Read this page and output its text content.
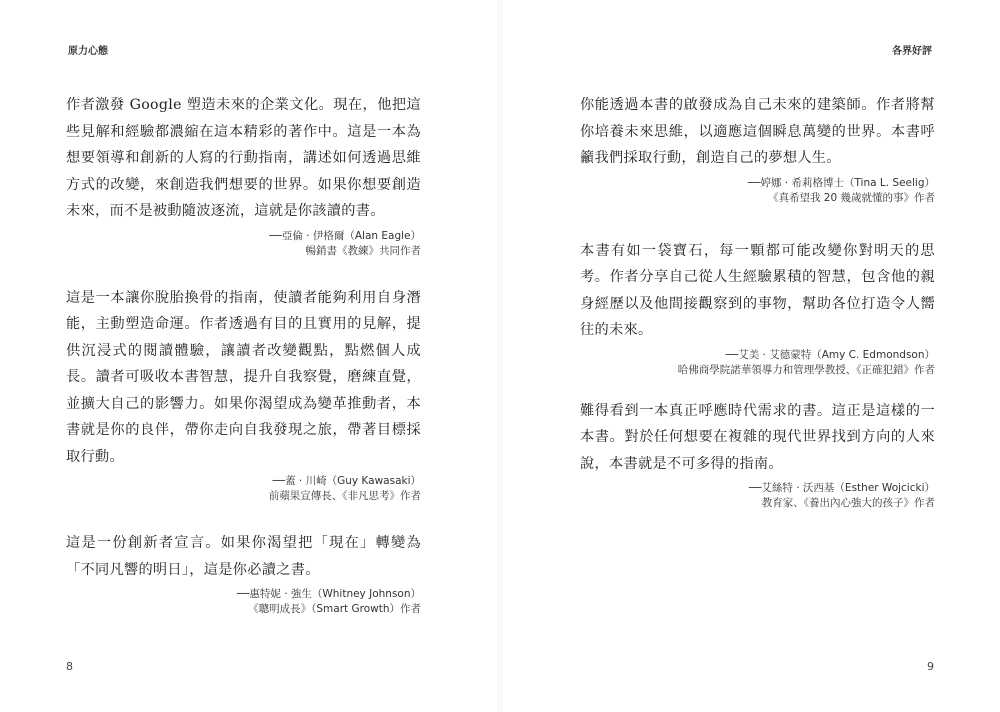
原力心態

作者激發 Google 塑造未來的企業文化。現在，他把這些見解和經驗都濃縮在這本精彩的著作中。這是一本為想要領導和創新的人寫的行動指南，講述如何透過思維方式的改變，來創造我們想要的世界。如果你想要創造未來，而不是被動隨波逐流，這就是你該讀的書。

──亞倫 · 伊格爾（Alan Eagle）
暢銷書《教練》共同作者

這是一本讓你脫胎換骨的指南，使讀者能夠利用自身潛能，主動塑造命運。作者透過有目的且實用的見解，提供沉浸式的閱讀體驗，讓讀者改變觀點，點燃個人成長。讀者可吸收本書智慧，提升自我察覺，磨練直覺，並擴大自己的影響力。如果你渴望成為變革推動者，本書就是你的良伴，帶你走向自我發現之旅，帶著目標採取行動。

──蓋 · 川崎（Guy Kawasaki）
前蘋果宣傳長、《非凡思考》作者

這是一份創新者宣言。如果你渴望把「現在」轉變為「不同凡響的明日」，這是你必讀之書。

──惠特妮 · 強生（Whitney Johnson）
《聰明成長》（Smart Growth）作者
8
各界好評

你能透過本書的啟發成為自己未來的建築師。作者將幫你培養未來思維，以適應這個瞬息萬變的世界。本書呼籲我們採取行動，創造自己的夢想人生。

──婷娜 · 希莉格博士（Tina L. Seelig）
《真希望我 20 幾歲就懂的事》作者

本書有如一袋寶石，每一顆都可能改變你對明天的思考。作者分享自己從人生經驗累積的智慧，包含他的親身經歷以及他間接觀察到的事物，幫助各位打造令人嚮往的未來。

──艾美 · 艾德蒙特（Amy C. Edmondson）
哈佛商學院諾華領導力和管理學教授、《正確犯錯》作者

難得看到一本真正呼應時代需求的書。這正是這樣的一本書。對於任何想要在複雜的現代世界找到方向的人來說，本書就是不可多得的指南。

──艾絲特 · 沃西基（Esther Wojcicki）
教育家、《養出內心強大的孩子》作者
9
